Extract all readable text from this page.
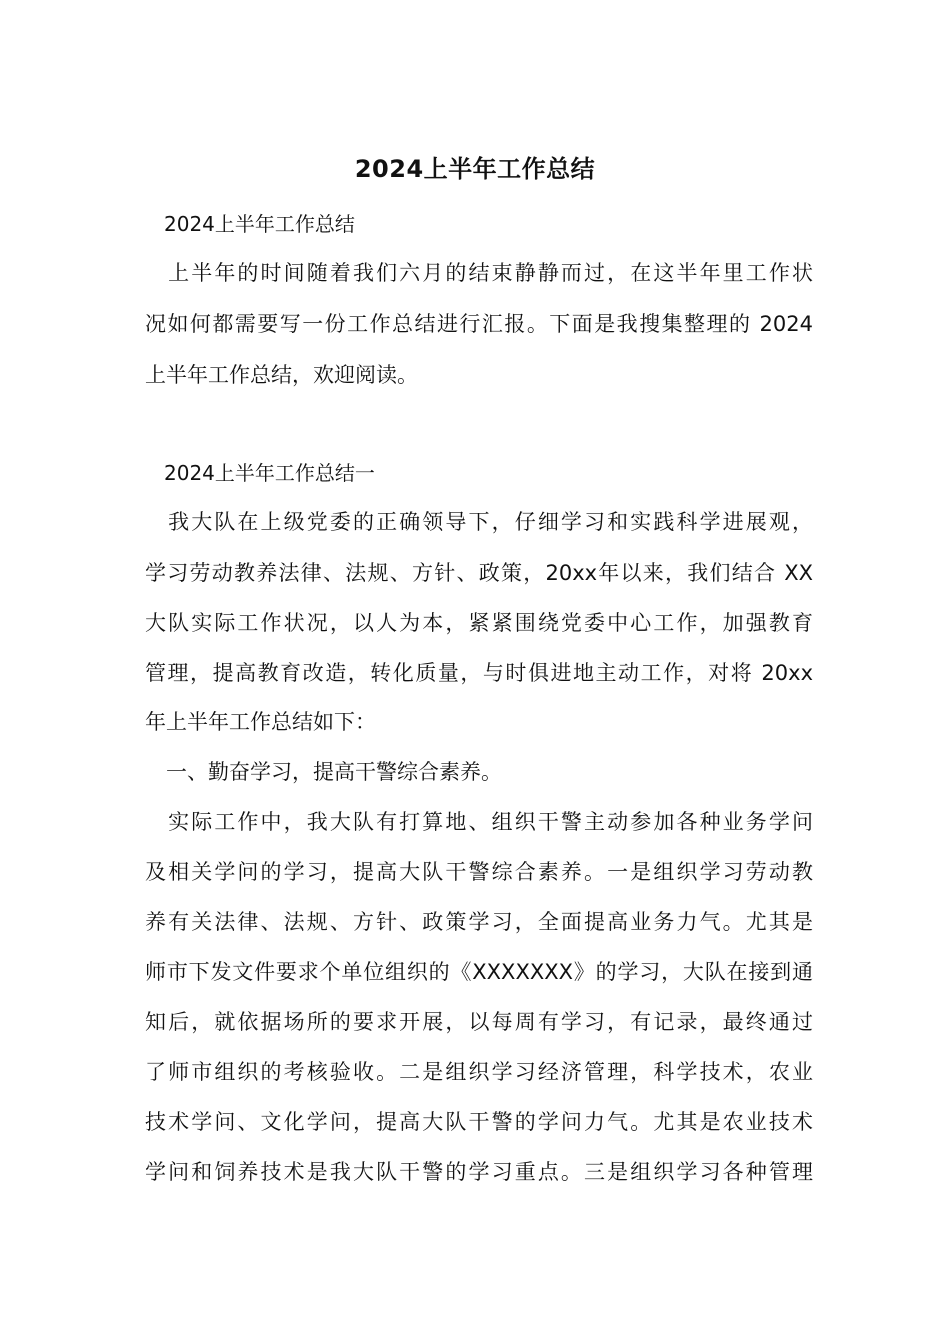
2024上半年工作总结
2024上半年工作总结
　上半年的时间随着我们六月的结束静静而过，在这半年里工作状
况如何都需要写一份工作总结进行汇报。下面是我搜集整理的 2024
上半年工作总结，欢迎阅读。
2024上半年工作总结一
　我大队在上级党委的正确领导下，仔细学习和实践科学进展观，
学习劳动教养法律、法规、方针、政策，20xx年以来，我们结合 XX
大队实际工作状况，以人为本，紧紧围绕党委中心工作，加强教育
管理，提高教育改造，转化质量，与时俱进地主动工作，对将 20xx
年上半年工作总结如下：
　一、勤奋学习，提高干警综合素养。
　实际工作中，我大队有打算地、组织干警主动参加各种业务学问
及相关学问的学习，提高大队干警综合素养。一是组织学习劳动教
养有关法律、法规、方针、政策学习，全面提高业务力气。尤其是
师市下发文件要求个单位组织的《XXXXXXX》的学习，大队在接到通
知后，就依据场所的要求开展，以每周有学习，有记录，最终通过
了师市组织的考核验收。二是组织学习经济管理，科学技术，农业
技术学问、文化学问，提高大队干警的学问力气。尤其是农业技术
学问和饲养技术是我大队干警的学习重点。三是组织学习各种管理
